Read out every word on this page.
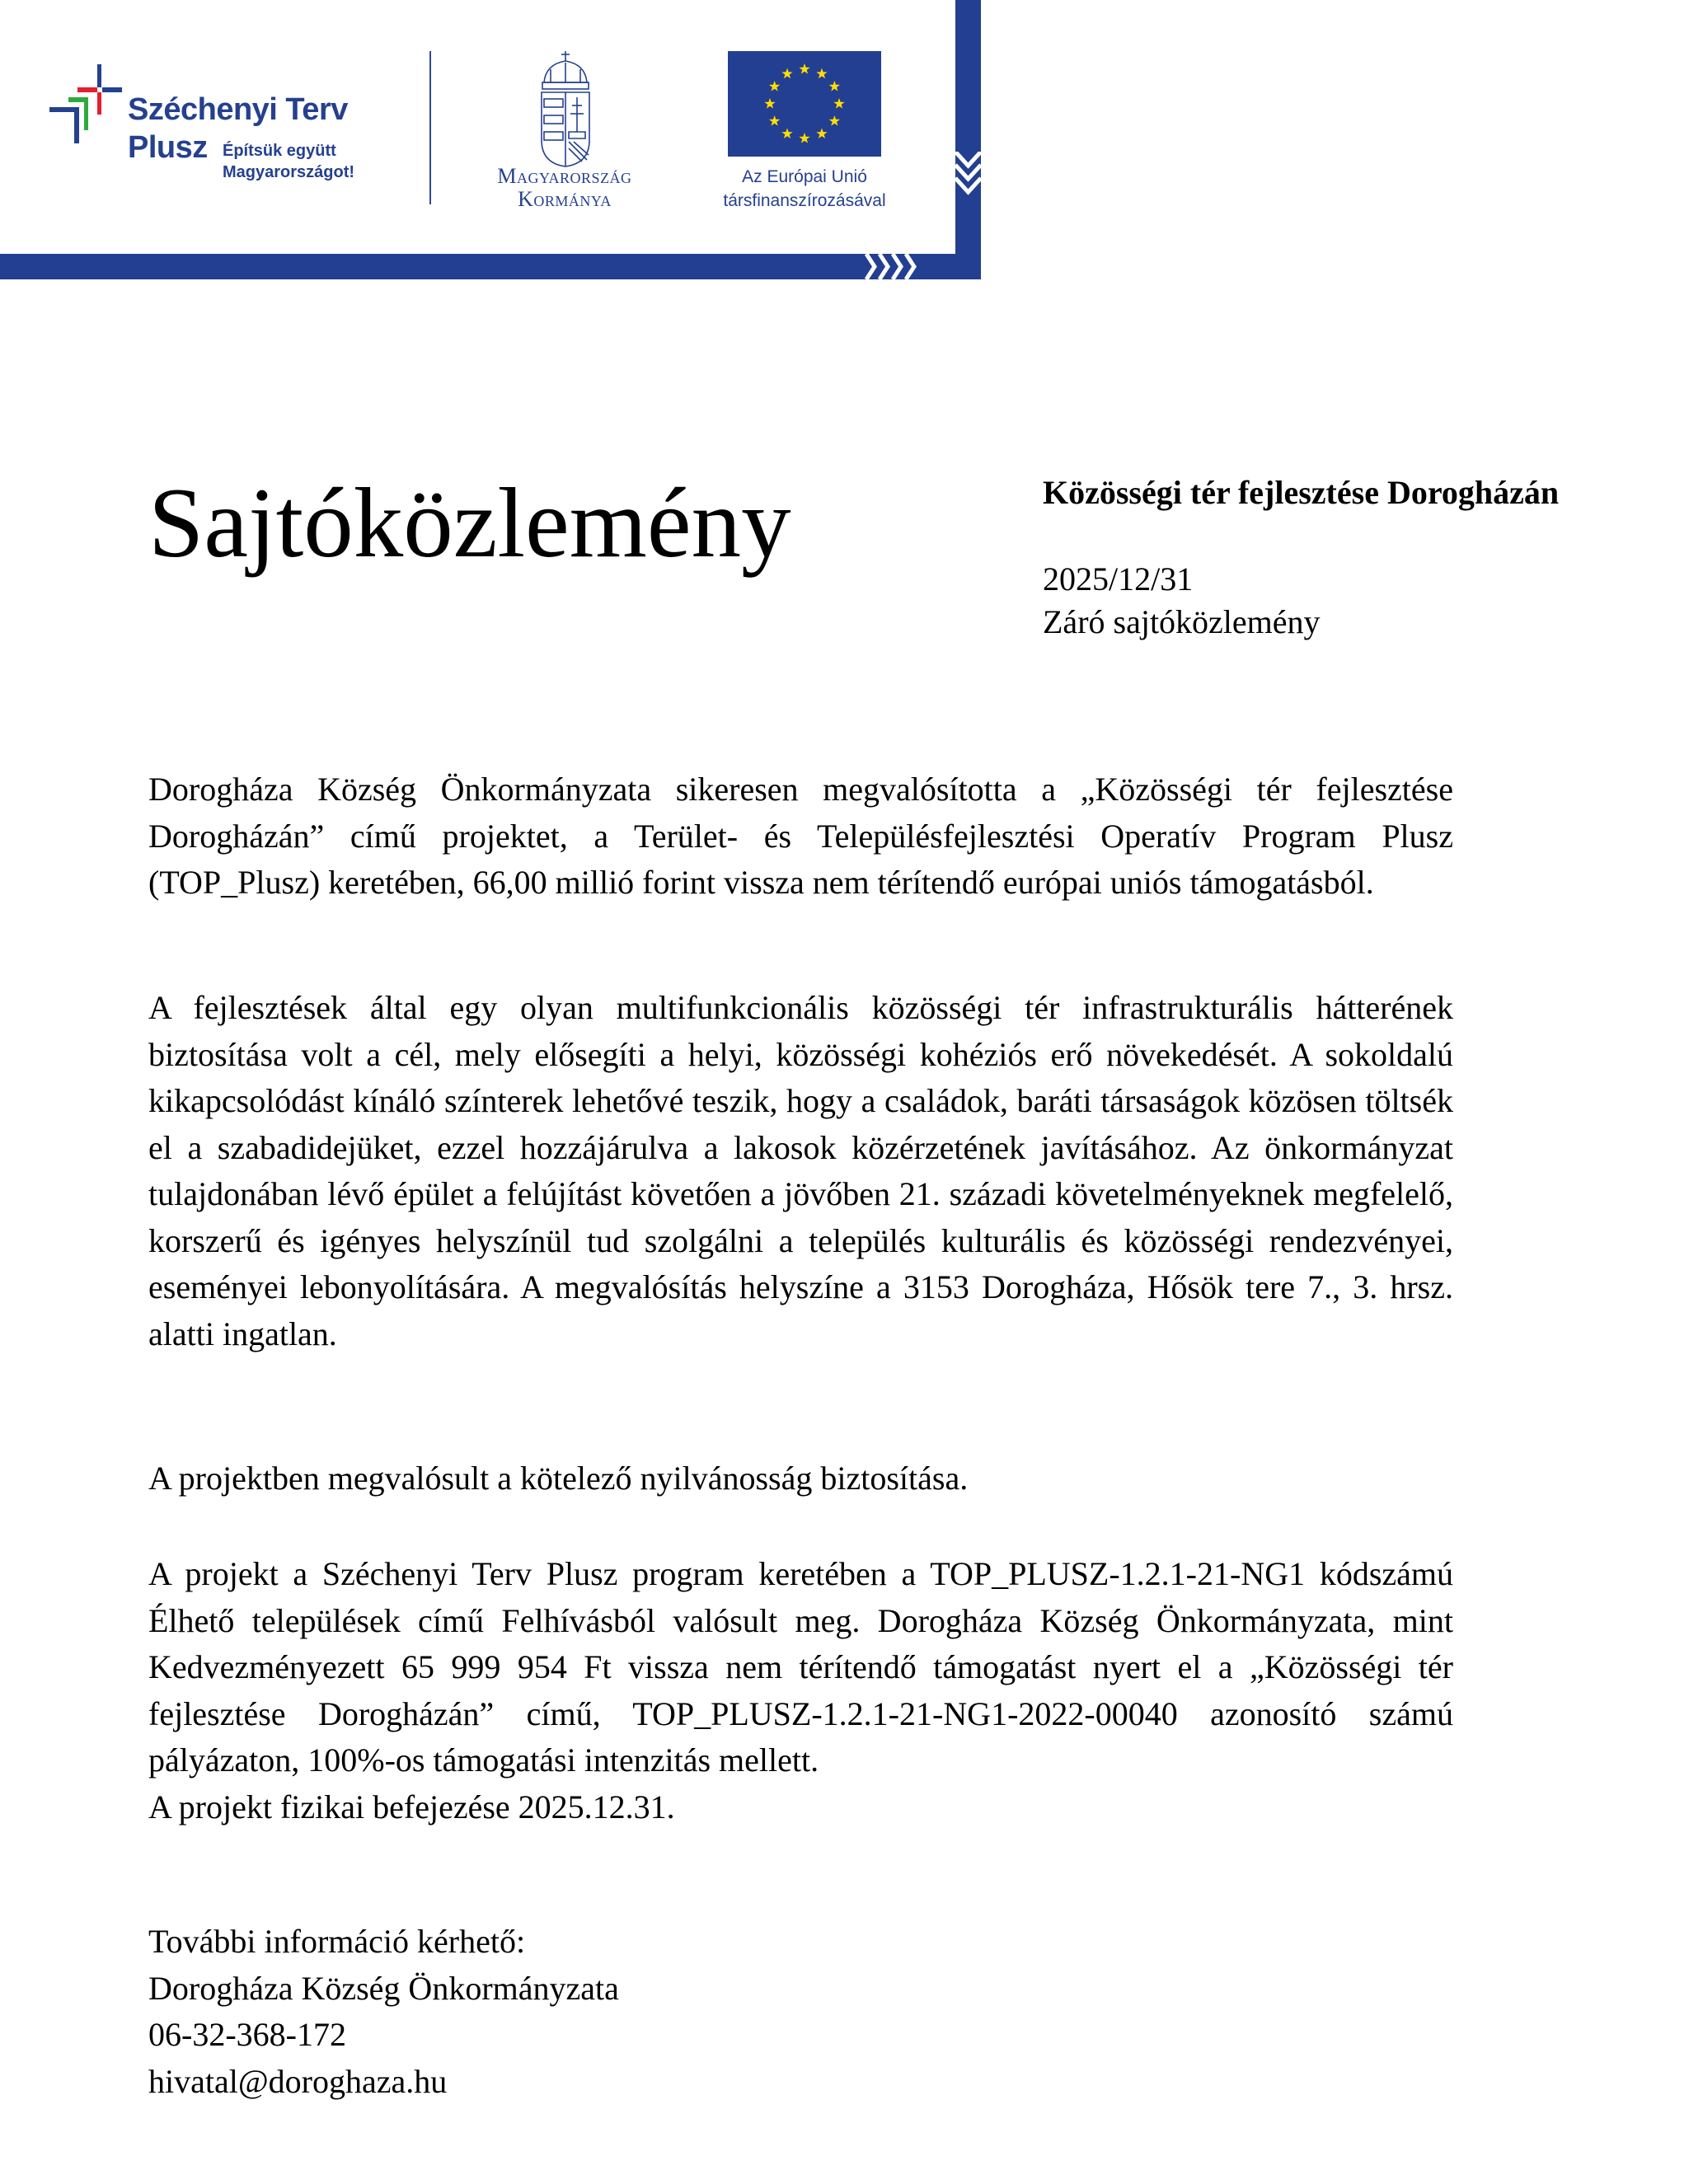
Széchenyi Terv
Plusz Építsük együtt
Magyarországot!	Magyarország
Kormánya
Az Európai Unió
társfinanszírozásával
Sajtóközlemény	Közösségi tér fejlesztése Dorogházán
2025/12/31
Záró sajtóközlemény

Dorogháza Község Önkormányzata sikeresen megvalósította a „Közösségi tér fejlesztése Dorogházán” című projektet, a Terület- és Településfejlesztési Operatív Program Plusz (TOP_Plusz) keretében, 66,00 millió forint vissza nem térítendő európai uniós támogatásból.

A fejlesztések által egy olyan multifunkcionális közösségi tér infrastrukturális hátterének biztosítása volt a cél, mely elősegíti a helyi, közösségi kohéziós erő növekedését. A sokoldalú kikapcsolódást kínáló színterek lehetővé teszik, hogy a családok, baráti társaságok közösen töltsék el a szabadidejüket, ezzel hozzájárulva a lakosok közérzetének javításához. Az önkormányzat tulajdonában lévő épület a felújítást követően a jövőben 21. századi követelményeknek megfelelő, korszerű és igényes helyszínül tud szolgálni a település kulturális és közösségi rendezvényei, eseményei lebonyolítására. A megvalósítás helyszíne a 3153 Dorogháza, Hősök tere 7., 3. hrsz. alatti ingatlan.

A projektben megvalósult a kötelező nyilvánosság biztosítása.

A projekt a Széchenyi Terv Plusz program keretében a TOP_PLUSZ-1.2.1-21-NG1 kódszámú Élhető települések című Felhívásból valósult meg. Dorogháza Község Önkormányzata, mint Kedvezményezett 65 999 954 Ft vissza nem térítendő támogatást nyert el a „Közösségi tér fejlesztése Dorogházán” című, TOP_PLUSZ-1.2.1-21-NG1-2022-00040 azonosító számú pályázaton, 100%-os támogatási intenzitás mellett.
A projekt fizikai befejezése 2025.12.31.
További információ kérhető:
Dorogháza Község Önkormányzata
06-32-368-172
hivatal@doroghaza.hu
